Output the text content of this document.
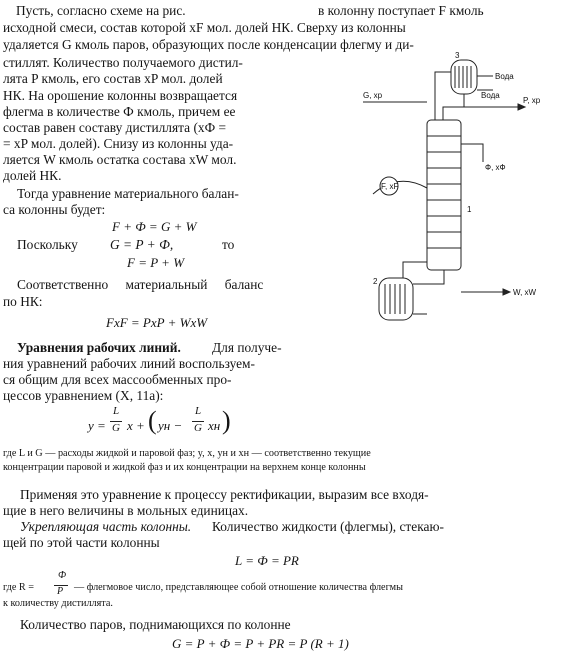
Пусть, согласно схеме на рис.	в колонну поступает F кмоль
исходной смеси, состав которой xF мол. долей НК. Сверху из колонны
удаляется G кмоль паров, образующих после конденсации флегму и ди-
стиллят. Количество получаемого дистил-
лята P кмоль, его состав xP мол. долей
НК. На орошение колонны возвращается
флегма в количестве Ф кмоль, причем ее
состав равен составу дистиллята (xФ =
= xP мол. долей). Снизу из колонны уда-
ляется W кмоль остатка состава xW мол.
долей НК.
Тогда уравнение материального балан-
са колонны будет:
F + Ф = G + W
Поскольку G = P + Ф,	то
F = P + W
Соответственно материальный баланс
по НК:
FxF = PxP + WxW
Уравнения рабочих линий. Для получе-
ния уравнений рабочих линий воспользуем-
ся общим для всех массообменных про-
цессов уравнением (X, 11а):
y =
L
G x + ( yн −
L
G xн )
где L и G — расходы жидкой и паровой фаз; y, x, yн и xн — соответственно текущие
концентрации паровой и жидкой фаз и их концентрации на верхнем конце колонны
Применяя это уравнение к процессу ректификации, выразим все входя-
щие в него величины в мольных единицах.
Укрепляющая часть колонны. Количество жидкости (флегмы), стекаю-
щей по этой части колонны
L = Ф = PR
где R =
Ф
P — флегмовое число, представляющее собой отношение количества флегмы
к количеству дистиллята.
Количество паров, поднимающихся по колонне
G = P + Ф = P + PR = P (R + 1)
3
Вода
Вода
G, xр
Ф, xФ
P, xр
F, xF
1
W, xW
2
